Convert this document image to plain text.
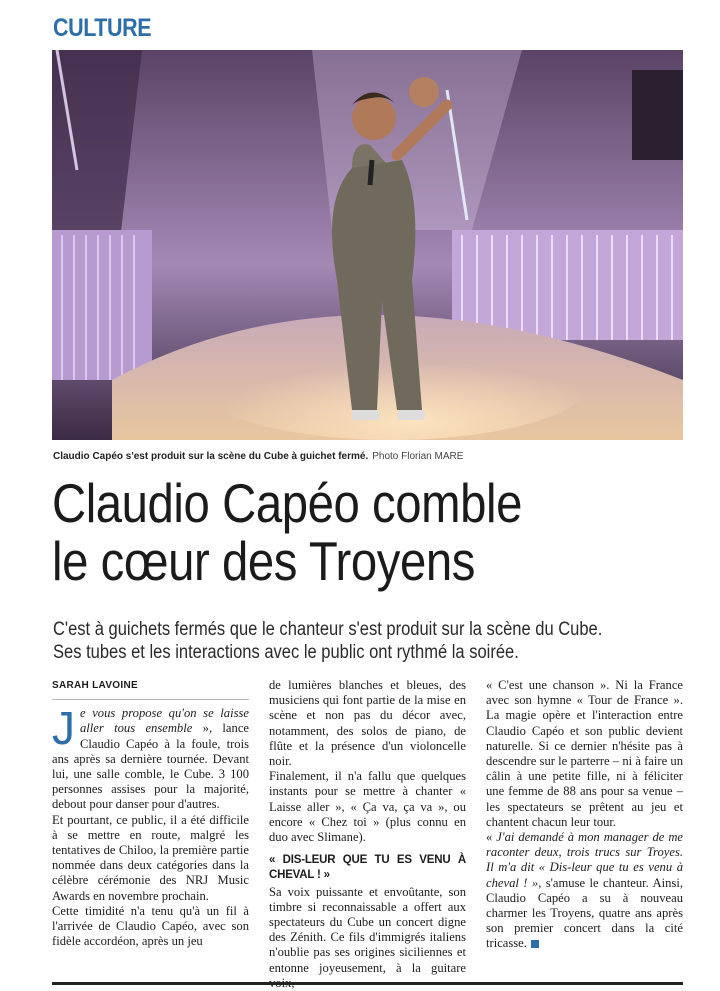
CULTURE
Claudio Capéo s'est produit sur la scène du Cube à guichet fermé. Photo Florian MARE
Claudio Capéo comble
le cœur des Troyens
C'est à guichets fermés que le chanteur s'est produit sur la scène du Cube.
Ses tubes et les interactions avec le public ont rythmé la soirée.
SARAH LAVOINE

Je vous propose qu'on se laisse aller tous ensemble », lance Claudio Capéo à la foule, trois ans après sa dernière tournée. Devant lui, une salle comble, le Cube. 3 100 personnes assises pour la majorité, debout pour danser pour d'autres.

Et pourtant, ce public, il a été difficile à se mettre en route, malgré les tentatives de Chiloo, la première partie nommée dans deux catégories dans la célèbre cérémonie des NRJ Music Awards en novembre prochain.

Cette timidité n'a tenu qu'à un fil à l'arrivée de Claudio Capéo, avec son fidèle accordéon, après un jeu

de lumières blanches et bleues, des musiciens qui font partie de la mise en scène et non pas du décor avec, notamment, des solos de piano, de flûte et la présence d'un violoncelle noir.

Finalement, il n'a fallu que quelques instants pour se mettre à chanter « Laisse aller », « Ça va, ça va », ou encore « Chez toi » (plus connu en duo avec Slimane).

« DIS-LEUR QUE TU ES VENU À CHEVAL ! »

Sa voix puissante et envoûtante, son timbre si reconnaissable a offert aux spectateurs du Cube un concert digne des Zénith. Ce fils d'immigrés italiens n'oublie pas ses origines siciliennes et entonne joyeusement, à la guitare

« C'est une chanson ». Ni la France avec son hymne « Tour de France ». La magie opère et l'interaction entre Claudio Capéo et son public devient naturelle. Si ce dernier n'hésite pas à descendre sur le parterre – ni à faire un câlin à une petite fille, ni à féliciter une femme de 88 ans pour sa venue – les spectateurs se prêtent au jeu et chantent chacun leur tour.

« J'ai demandé à mon manager de me raconter deux, trois trucs sur Troyes. Il m'a dit « Dis-leur que tu es venu à cheval ! », s'amuse le chanteur. Ainsi, Claudio Capéo a su à nouveau charmer les Troyens, quatre ans après son premier concert dans la cité tricasse.
